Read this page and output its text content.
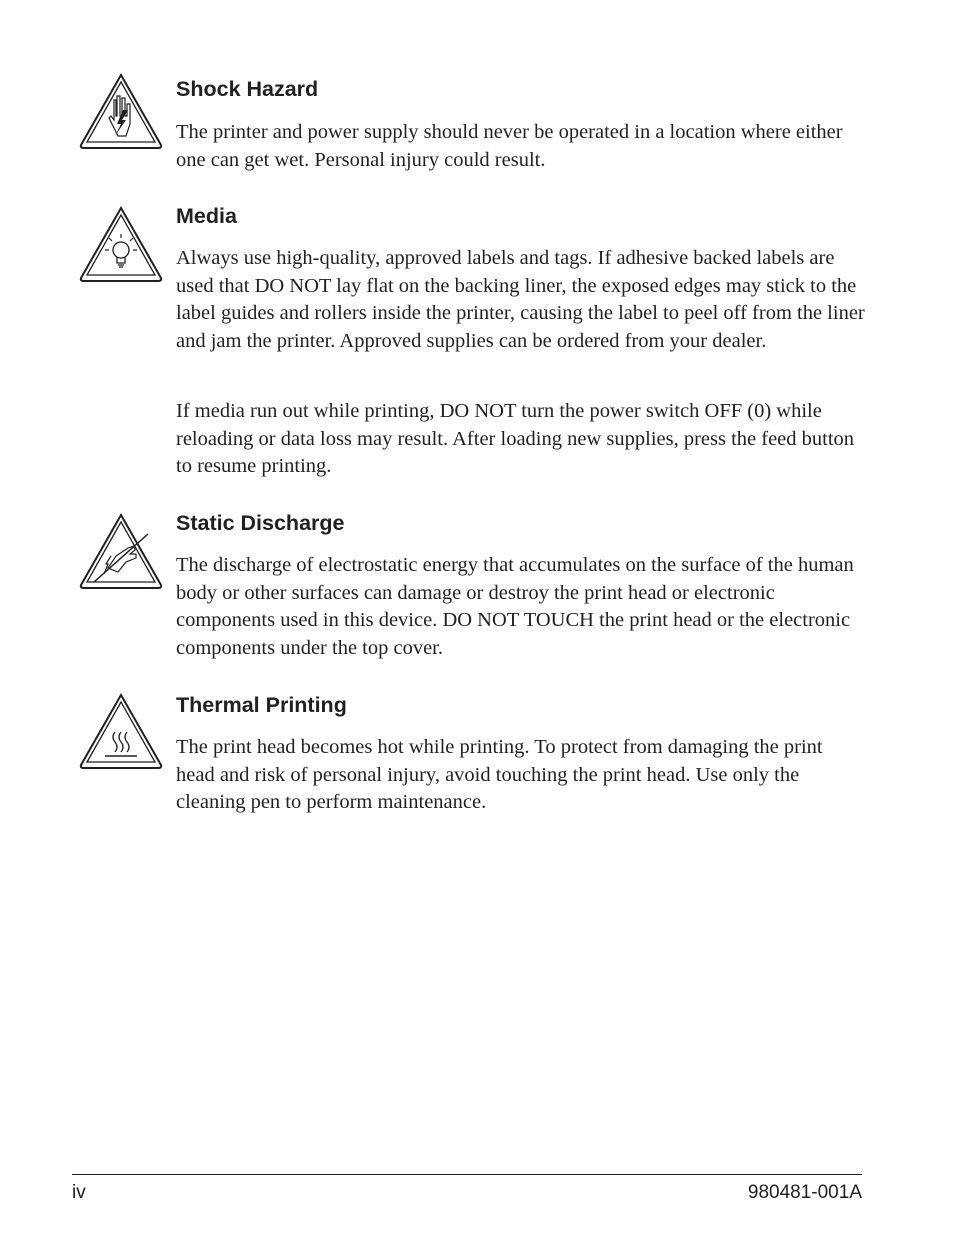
Shock Hazard

The printer and power supply should never be operated in a location where either one can get wet. Personal injury could result.

Media

Always use high-quality, approved labels and tags. If adhesive backed labels are used that DO NOT lay flat on the backing liner, the exposed edges may stick to the label guides and rollers inside the printer, causing the label to peel off from the liner and jam the printer. Approved supplies can be ordered from your dealer.

If media run out while printing, DO NOT turn the power switch OFF (0) while reloading or data loss may result. After loading new supplies, press the feed button to resume printing.

Static Discharge

The discharge of electrostatic energy that accumulates on the surface of the human body or other surfaces can damage or destroy the print head or electronic components used in this device. DO NOT TOUCH the print head or the electronic components under the top cover.

Thermal Printing

The print head becomes hot while printing. To protect from damaging the print head and risk of personal injury, avoid touching the print head. Use only the cleaning pen to perform maintenance.

iv	980481-001A
